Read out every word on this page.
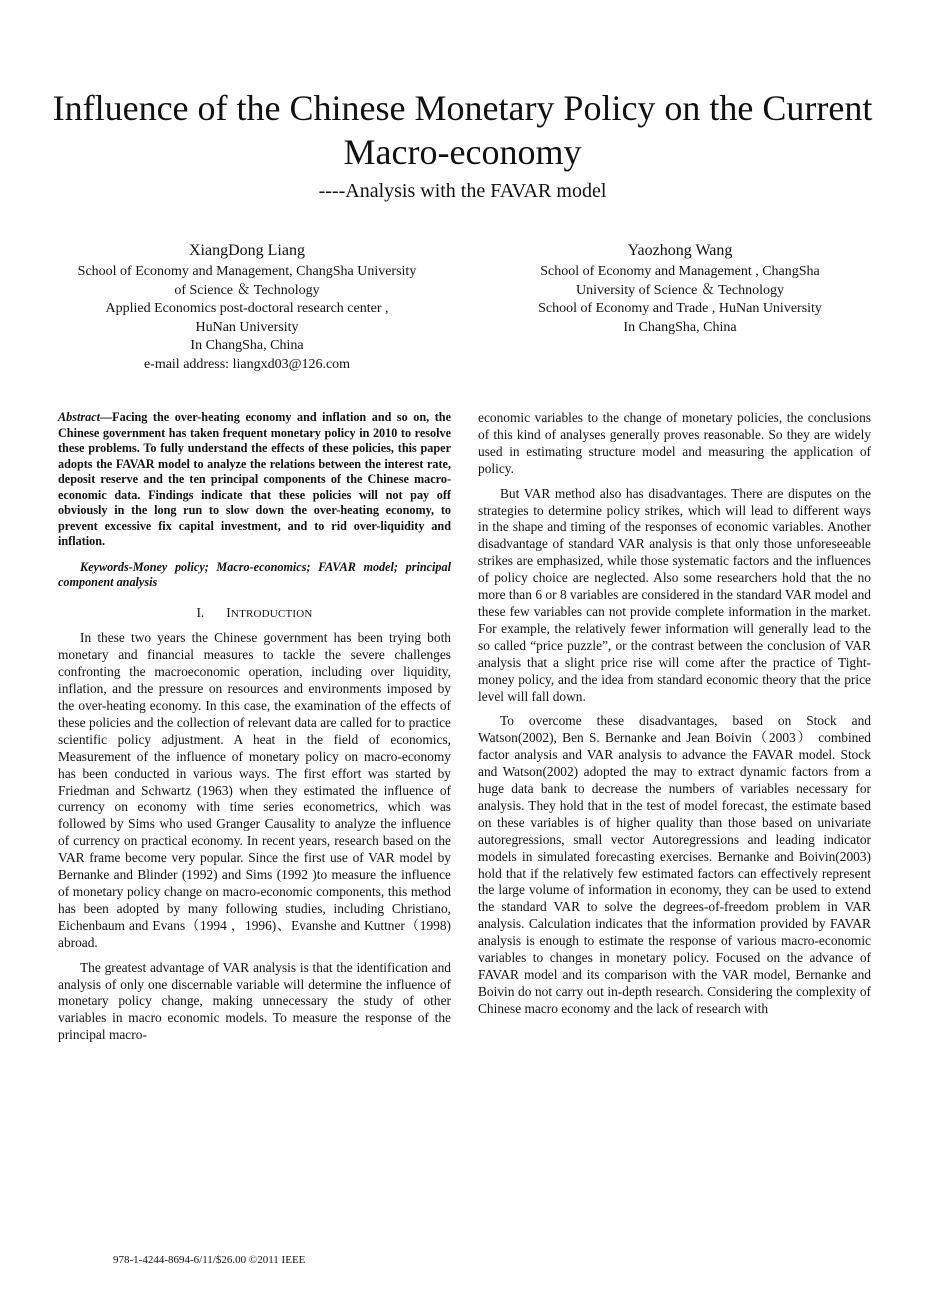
Influence of the Chinese Monetary Policy on the Current Macro-economy
----Analysis with the FAVAR model
XiangDong Liang
School of Economy and Management, ChangSha University
of Science ＆ Technology
Applied Economics post-doctoral research center ,
HuNan University
In ChangSha, China
e-mail address: liangxd03@126.com
Yaozhong Wang
School of Economy and Management , ChangSha
University of Science ＆ Technology
School of Economy and Trade , HuNan University
In ChangSha, China

Abstract—Facing the over-heating economy and inflation and so on, the Chinese government has taken frequent monetary policy in 2010 to resolve these problems. To fully understand the effects of these policies, this paper adopts the FAVAR model to analyze the relations between the interest rate, deposit reserve and the ten principal components of the Chinese macro-economic data. Findings indicate that these policies will not pay off obviously in the long run to slow down the over-heating economy, to prevent excessive fix capital investment, and to rid over-liquidity and inflation.

Keywords-Money policy; Macro-economics; FAVAR model; principal component analysis

I. INTRODUCTION

In these two years the Chinese government has been trying both monetary and financial measures to tackle the severe challenges confronting the macroeconomic operation, including over liquidity, inflation, and the pressure on resources and environments imposed by the over-heating economy. In this case, the examination of the effects of these policies and the collection of relevant data are called for to practice scientific policy adjustment. A heat in the field of economics, Measurement of the influence of monetary policy on macro-economy has been conducted in various ways. The first effort was started by Friedman and Schwartz (1963) when they estimated the influence of currency on economy with time series econometrics, which was followed by Sims who used Granger Causality to analyze the influence of currency on practical economy. In recent years, research based on the VAR frame become very popular. Since the first use of VAR model by Bernanke and Blinder (1992) and Sims (1992 )to measure the influence of monetary policy change on macro-economic components, this method has been adopted by many following studies, including Christiano, Eichenbaum and Evans（1994 ，1996)、Evanshe and Kuttner（1998) abroad.

The greatest advantage of VAR analysis is that the identification and analysis of only one discernable variable will determine the influence of monetary policy change, making unnecessary the study of other variables in macro economic models. To measure the response of the principal macro-

economic variables to the change of monetary policies, the conclusions of this kind of analyses generally proves reasonable. So they are widely used in estimating structure model and measuring the application of policy.

But VAR method also has disadvantages. There are disputes on the strategies to determine policy strikes, which will lead to different ways in the shape and timing of the responses of economic variables. Another disadvantage of standard VAR analysis is that only those unforeseeable strikes are emphasized, while those systematic factors and the influences of policy choice are neglected. Also some researchers hold that the no more than 6 or 8 variables are considered in the standard VAR model and these few variables can not provide complete information in the market. For example, the relatively fewer information will generally lead to the so called “price puzzle”, or the contrast between the conclusion of VAR analysis that a slight price rise will come after the practice of Tight-money policy, and the idea from standard economic theory that the price level will fall down.

To overcome these disadvantages, based on Stock and Watson(2002), Ben S. Bernanke and Jean Boivin（2003） combined factor analysis and VAR analysis to advance the FAVAR model. Stock and Watson(2002) adopted the may to extract dynamic factors from a huge data bank to decrease the numbers of variables necessary for analysis. They hold that in the test of model forecast, the estimate based on these variables is of higher quality than those based on univariate autoregressions, small vector Autoregressions and leading indicator models in simulated forecasting exercises. Bernanke and Boivin(2003) hold that if the relatively few estimated factors can effectively represent the large volume of information in economy, they can be used to extend the standard VAR to solve the degrees-of-freedom problem in VAR analysis. Calculation indicates that the information provided by FAVAR analysis is enough to estimate the response of various macro-economic variables to changes in monetary policy. Focused on the advance of FAVAR model and its comparison with the VAR model, Bernanke and Boivin do not carry out in-depth research. Considering the complexity of Chinese macro economy and the lack of research with

978-1-4244-8694-6/11/$26.00 ©2011 IEEE
